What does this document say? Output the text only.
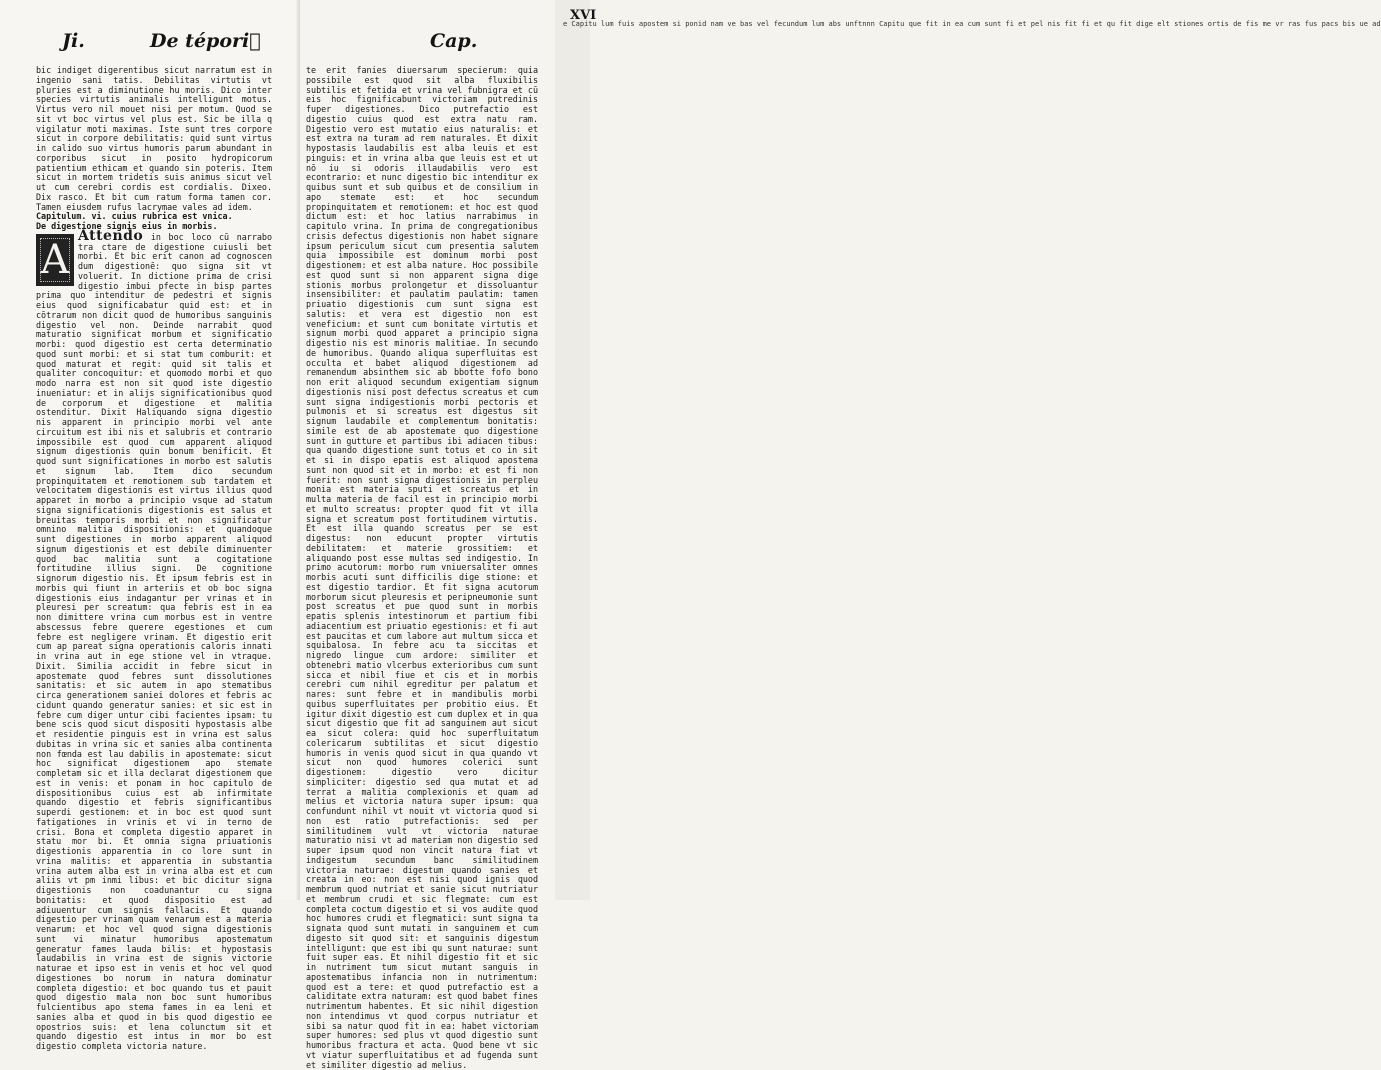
Ji.	De tépori᷒

bic indiget digerentibus sicut narratum est in ingenio sani tatis. Debilitas virtutis vt pluries est a diminutione hu moris. Dico inter species virtutis animalis intelligunt motus. Virtus vero nil mouet nisi per motum. Quod se sit vt boc virtus vel plus est. Sic be illa q vigilatur moti maximas. Iste sunt tres corpore sicut in corpore debilitatis: quid sunt virtus in calido suo virtus humoris parum abundant in corporibus sicut in posito hydropicorum patientium ethicam et quando sin poteris. Item sicut in mortem tridetis suis animus sicut vel ut cum cerebri cordis est cordialis. Dixeo. Dix rasco. Et bit cum ratum forma tamen cor. Tamen eiusdem rufus lacrymae vales ad idem.

Capitulum. vi. cuius rubrica est vnica.

De digestione signis eius in morbis.

A
Attendo in boc loco cū narrabo tra ctare de digestione cuiusli bet morbi. Et bic erit canon ad cognoscen dum digestionē: quo signa sit vt voluerit. In dictione prima de crisi digestio imbui pfecte in bisp partes prima quo intenditur de pedestri et signis eius quod significabatur quid est: et in cōtrarum non dicit quod de humoribus sanguinis digestio vel non. Deinde narrabit quod maturatio significat morbum et significatio morbi: quod digestio est certa determinatio quod sunt morbi: et si stat tum comburit: et quod maturat et regit: quid sit talis et qualiter concoquitur: et quomodo morbi et quo modo narra est non sit quod iste digestio inueniatur: et in alijs significationibus quod de corporum et digestione et malitia ostenditur. Dixit Haliquando signa digestio nis apparent in principio morbi vel ante circuitum est ibi nis et salubris et contrario impossibile est quod cum apparent aliquod signum digestionis quin bonum benificit. Et quod sunt significationes in morbo est salutis et signum lab. Item dico secundum propinquitatem et remotionem sub tardatem et velocitatem digestionis est virtus illius quod apparet in morbo a principio vsque ad statum signa significationis digestionis est salus et breuitas temporis morbi et non significatur omnino malitia dispositionis: et quandoque sunt digestiones in morbo apparent aliquod signum digestionis et est debile diminuenter quod bac malitia sunt a cogitatione fortitudine illius signi. De cognitione signorum digestio nis. Et ipsum febris est in morbis qui fiunt in arteriis et ob boc signa digestionis eius indagantur per vrinas et in pleuresi per screatum: qua febris est in ea non dimittere vrina cum morbus est in ventre abscessus febre querere egestiones et cum febre est negligere vrinam. Et digestio erit cum ap pareat signa operationis caloris innati in vrina aut in ege stione vel in vtraque. Dixit. Similia accidit in febre sicut in apostemate quod febres sunt dissolutiones sanitatis: et sic autem in apo stematibus circa generationem saniei dolores et febris ac cidunt quando generatur sanies: et sic est in febre cum diger untur cibi facientes ipsam: tu bene scis quod sicut dispositi hypostasis albe et residentie pinguis est in vrina est salus dubitas in vrina sic et sanies alba continenta non fœnda est lau dabilis in apostemate: sicut hoc significat digestionem apo stemate completam sic et illa declarat digestionem que est in venis: et ponam in hoc capitulo de dispositionibus cuius est ab infirmitate quando digestio et febris significantibus superdi gestionem: et in boc est quod sunt fatigationes in vrinis et vi in terno de crisi. Bona et completa digestio apparet in statu mor bi. Et omnia signa priuationis digestionis apparentia in co lore sunt in vrina malitis: et apparentia in substantia vrina autem alba est in vrina alba est et cum aliis vt pm inmi libus: et bic dicitur signa digestionis non coadunantur cu signa bonitatis: et quod dispositio est ad adiuuentur cum signis fallacis. Et quando digestio per vrinam quam venarum est a materia venarum: et hoc vel quod signa digestionis sunt vi minatur humoribus apostematum generatur fames lauda bilis: et hypostasis laudabilis in vrina est de signis victorie naturae et ipso est in venis et hoc vel quod digestiones bo norum in natura dominatur completa digestio: et boc quando tus et pauit quod digestio mala non boc sunt humoribus fulcientibus apo stema fames in ea leni et sanies alba et quod in bis quod digestio ee opostrios suis: et lena colunctum sit et quando digestio est intus in mor bo est digestio completa victoria nature.

Cap.

te erit fanies diuersarum specierum: quia possibile est quod sit alba fluxibilis subtilis et fetida et vrina vel fubnigra et cū eis hoc fignificabunt victoriam putredinis fuper digestiones. Dico putrefactio est digestio cuius quod est extra natu ram. Digestio vero est mutatio eius naturalis: et est extra na turam ad rem naturales. Et dixit hypostasis laudabilis est alba leuis et est pinguis: et in vrina alba que leuis est et ut nō iu si odoris illaudabilis vero est econtrario: et nunc digestio bic intenditur ex quibus sunt et sub quibus et de consilium in apo stemate est: et hoc secundum propinquitatem et remotionem: et hoc est quod dictum est: et hoc latius narrabimus in capitulo vrina. In prima de congregationibus crisis defectus digestionis non habet signare ipsum periculum sicut cum presentia salutem quia impossibile est dominum morbi post digestionem: et est alba nature. Hoc possibile est quod sunt si non apparent signa dige stionis morbus prolongetur et dissoluantur insensibiliter: et paulatim paulatim: tamen priuatio digestionis cum sunt signa est salutis: et vera est digestio non est veneficium: et sunt cum bonitate virtutis et signum morbi quod apparet a principio signa digestio nis est minoris malitiae. In secundo de humoribus. Quando aliqua superfluitas est occulta et babet aliquod digestionem ad remanendum absinthem sic ab bbotte fofo bono non erit aliquod secundum exigentiam signum digestionis nisi post defectus screatus et cum sunt signa indigestionis morbi pectoris et pulmonis et si screatus est digestus sit signum laudabile et complementum bonitatis: simile est de ab apostemate quo digestione sunt in gutture et partibus ibi adiacen tibus: qua quando digestione sunt totus et co in sit et si in dispo epatis est aliquod apostema sunt non quod sit et in morbo: et est fi non fuerit: non sunt signa digestionis in perpleu monia est materia sputi et screatus et in multa materia de facil est in principio morbi et multo screatus: propter quod fit vt illa signa et screatum post fortitudinem virtutis. Et est illa quando screatus per se est digestus: non educunt propter virtutis debilitatem: et materie grossitiem: et aliquando post esse multas sed indigestio. In primo acutorum: morbo rum vniuersaliter omnes morbis acuti sunt difficilis dige stione: et est digestio tardior. Et fit signa acutorum morborum sicut pleuresis et peripneumonie sunt post screatus et pue quod sunt in morbis epatis splenis intestinorum et partium fibi adiacentium est priuatio egestionis: et fi aut est paucitas et cum labore aut multum sicca et squibalosa. In febre acu ta siccitas et nigredo lingue cum ardore: similiter et obtenebri matio vlcerbus exterioribus cum sunt sicca et nibil fiue et cis et in morbis cerebri cum nihil egreditur per palatum et nares: sunt febre et in mandibulis morbi quibus superfluitates per probitio eius. Et igitur dixit digestio est cum duplex et in qua sicut digestio que fit ad sanguinem aut sicut ea sicut colera: quid hoc superfluitatum colericarum subtilitas et sicut digestio humoris in venis quod sicut in qua quando vt sicut non quod humores colerici sunt digestionem: digestio vero dicitur simpliciter: digestio sed qua mutat et ad terrat a malitia complexionis et quam ad melius et victoria natura super ipsum: qua confundunt nihil vt nouit vt victoria quod si non est ratio putrefactionis: sed per similitudinem vult vt victoria naturae maturatio nisi vt ad materiam non digestio sed super ipsum quod non vincit natura fiat vt indigestum secundum banc similitudinem victoria naturae: digestum quando sanies et creata in eo: non est nisi quod ignis quod membrum quod nutriat et sanie sicut nutriatur et membrum crudi et sic flegmate: cum est completa coctum digestio et si vos audite quod hoc humores crudi et flegmatici: sunt signa ta signata quod sunt mutati in sanguinem et cum digesto sit quod sit: et sanguinis digestum intelligunt: que est ibi qu sunt naturae: sunt fuit super eas. Et nihil digestio fit et sic in nutriment tum sicut mutant sanguis in apostematibus infancia non in nutrimentum: quod est a tere: et quod putrefactio est a caliditate extra naturam: est quod babet fines nutrimentum habentes. Et sic nihil digestion non intendimus vt quod corpus nutriatur et sibi sa natur quod fit in ea: habet victoriam super humores: sed plus vt quod digestio sunt humoribus fractura et acta. Quod bene vt sic vt viatur superfluitatibus et ad fugenda sunt et similiter digestio ad melius.

XVI
e Capitu lum fuis apostem si ponid nam ve bas vel fecundum lum abs unftnnn Capitu que fit in ea cum sunt fi et pel nis fit fi et qu fit dige elt stiones ortis de fis me vr ras fus pacs bis ue ad
